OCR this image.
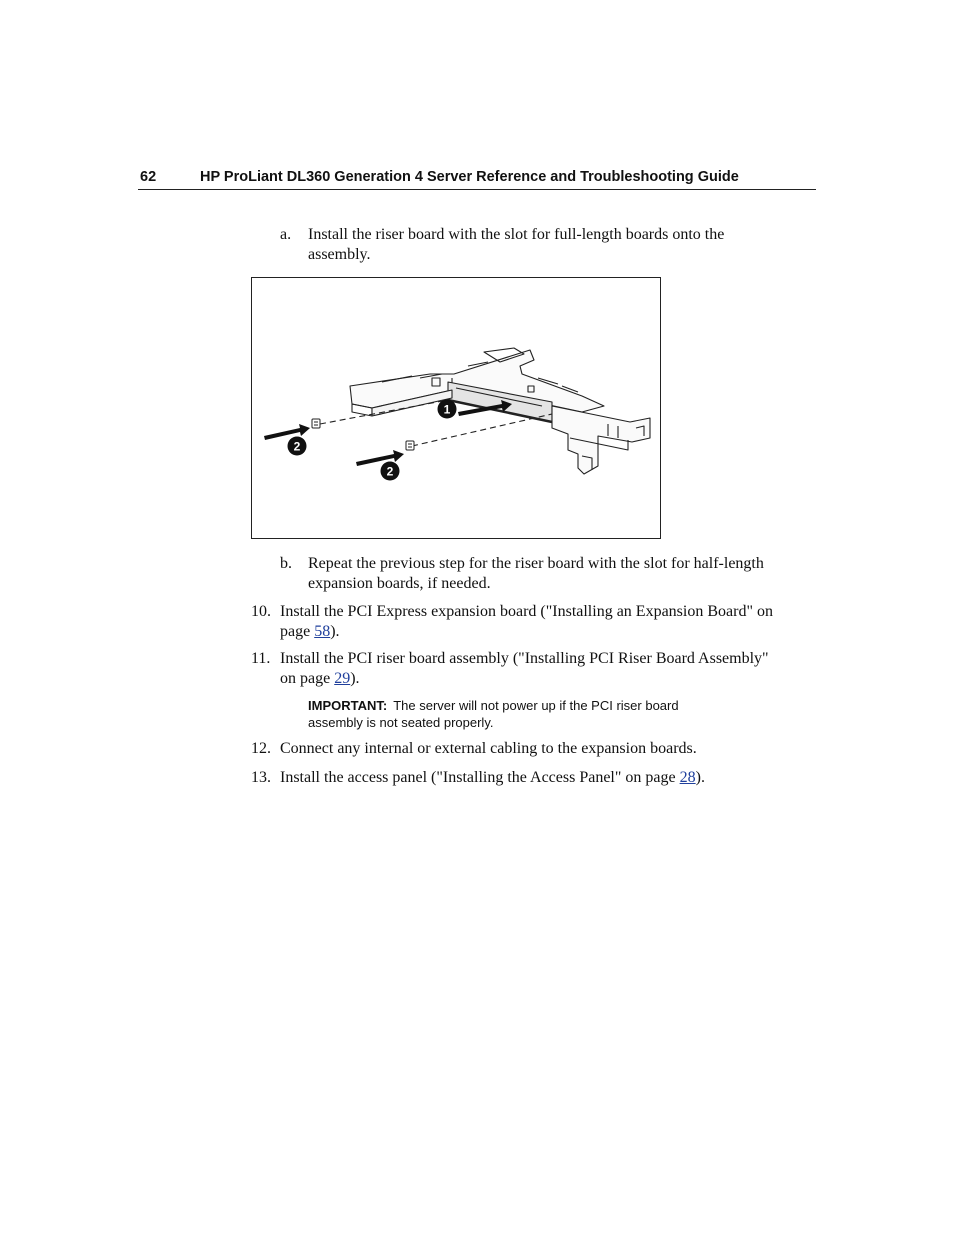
62	HP ProLiant DL360 Generation 4 Server Reference and Troubleshooting Guide
a. Install the riser board with the slot for full-length boards onto the
assembly.
1
2
2
b. Repeat the previous step for the riser board with the slot for half-length
expansion boards, if needed.
10. Install the PCI Express expansion board ("Installing an Expansion Board" on
page 58).
11. Install the PCI riser board assembly ("Installing PCI Riser Board Assembly"
on page 29).
IMPORTANT: The server will not power up if the PCI riser board
assembly is not seated properly.
12. Connect any internal or external cabling to the expansion boards.
13. Install the access panel ("Installing the Access Panel" on page 28).
